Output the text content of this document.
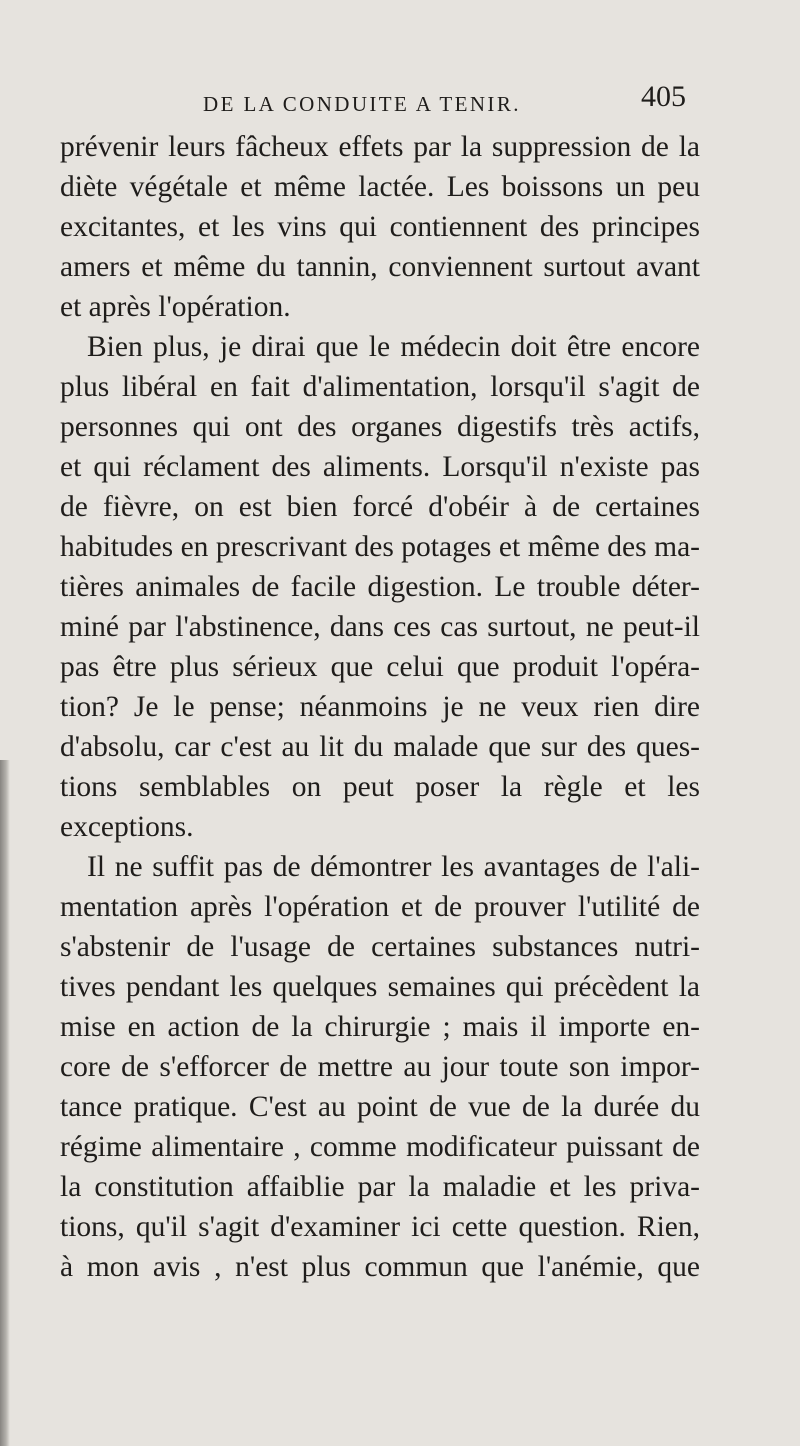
DE LA CONDUITE A TENIR.	405
prévenir leurs fâcheux effets par la suppression de la
diète végétale et même lactée. Les boissons un peu
excitantes, et les vins qui contiennent des principes
amers et même du tannin, conviennent surtout avant
et après l'opération.
Bien plus, je dirai que le médecin doit être encore
plus libéral en fait d'alimentation, lorsqu'il s'agit de
personnes qui ont des organes digestifs très actifs,
et qui réclament des aliments. Lorsqu'il n'existe pas
de fièvre, on est bien forcé d'obéir à de certaines
habitudes en prescrivant des potages et même des ma-
tières animales de facile digestion. Le trouble déter-
miné par l'abstinence, dans ces cas surtout, ne peut-il
pas être plus sérieux que celui que produit l'opéra-
tion? Je le pense; néanmoins je ne veux rien dire
d'absolu, car c'est au lit du malade que sur des ques-
tions semblables on peut poser la règle et les
exceptions.
Il ne suffit pas de démontrer les avantages de l'ali-
mentation après l'opération et de prouver l'utilité de
s'abstenir de l'usage de certaines substances nutri-
tives pendant les quelques semaines qui précèdent la
mise en action de la chirurgie ; mais il importe en-
core de s'efforcer de mettre au jour toute son impor-
tance pratique. C'est au point de vue de la durée du
régime alimentaire , comme modificateur puissant de
la constitution affaiblie par la maladie et les priva-
tions, qu'il s'agit d'examiner ici cette question. Rien,
à mon avis , n'est plus commun que l'anémie, que
